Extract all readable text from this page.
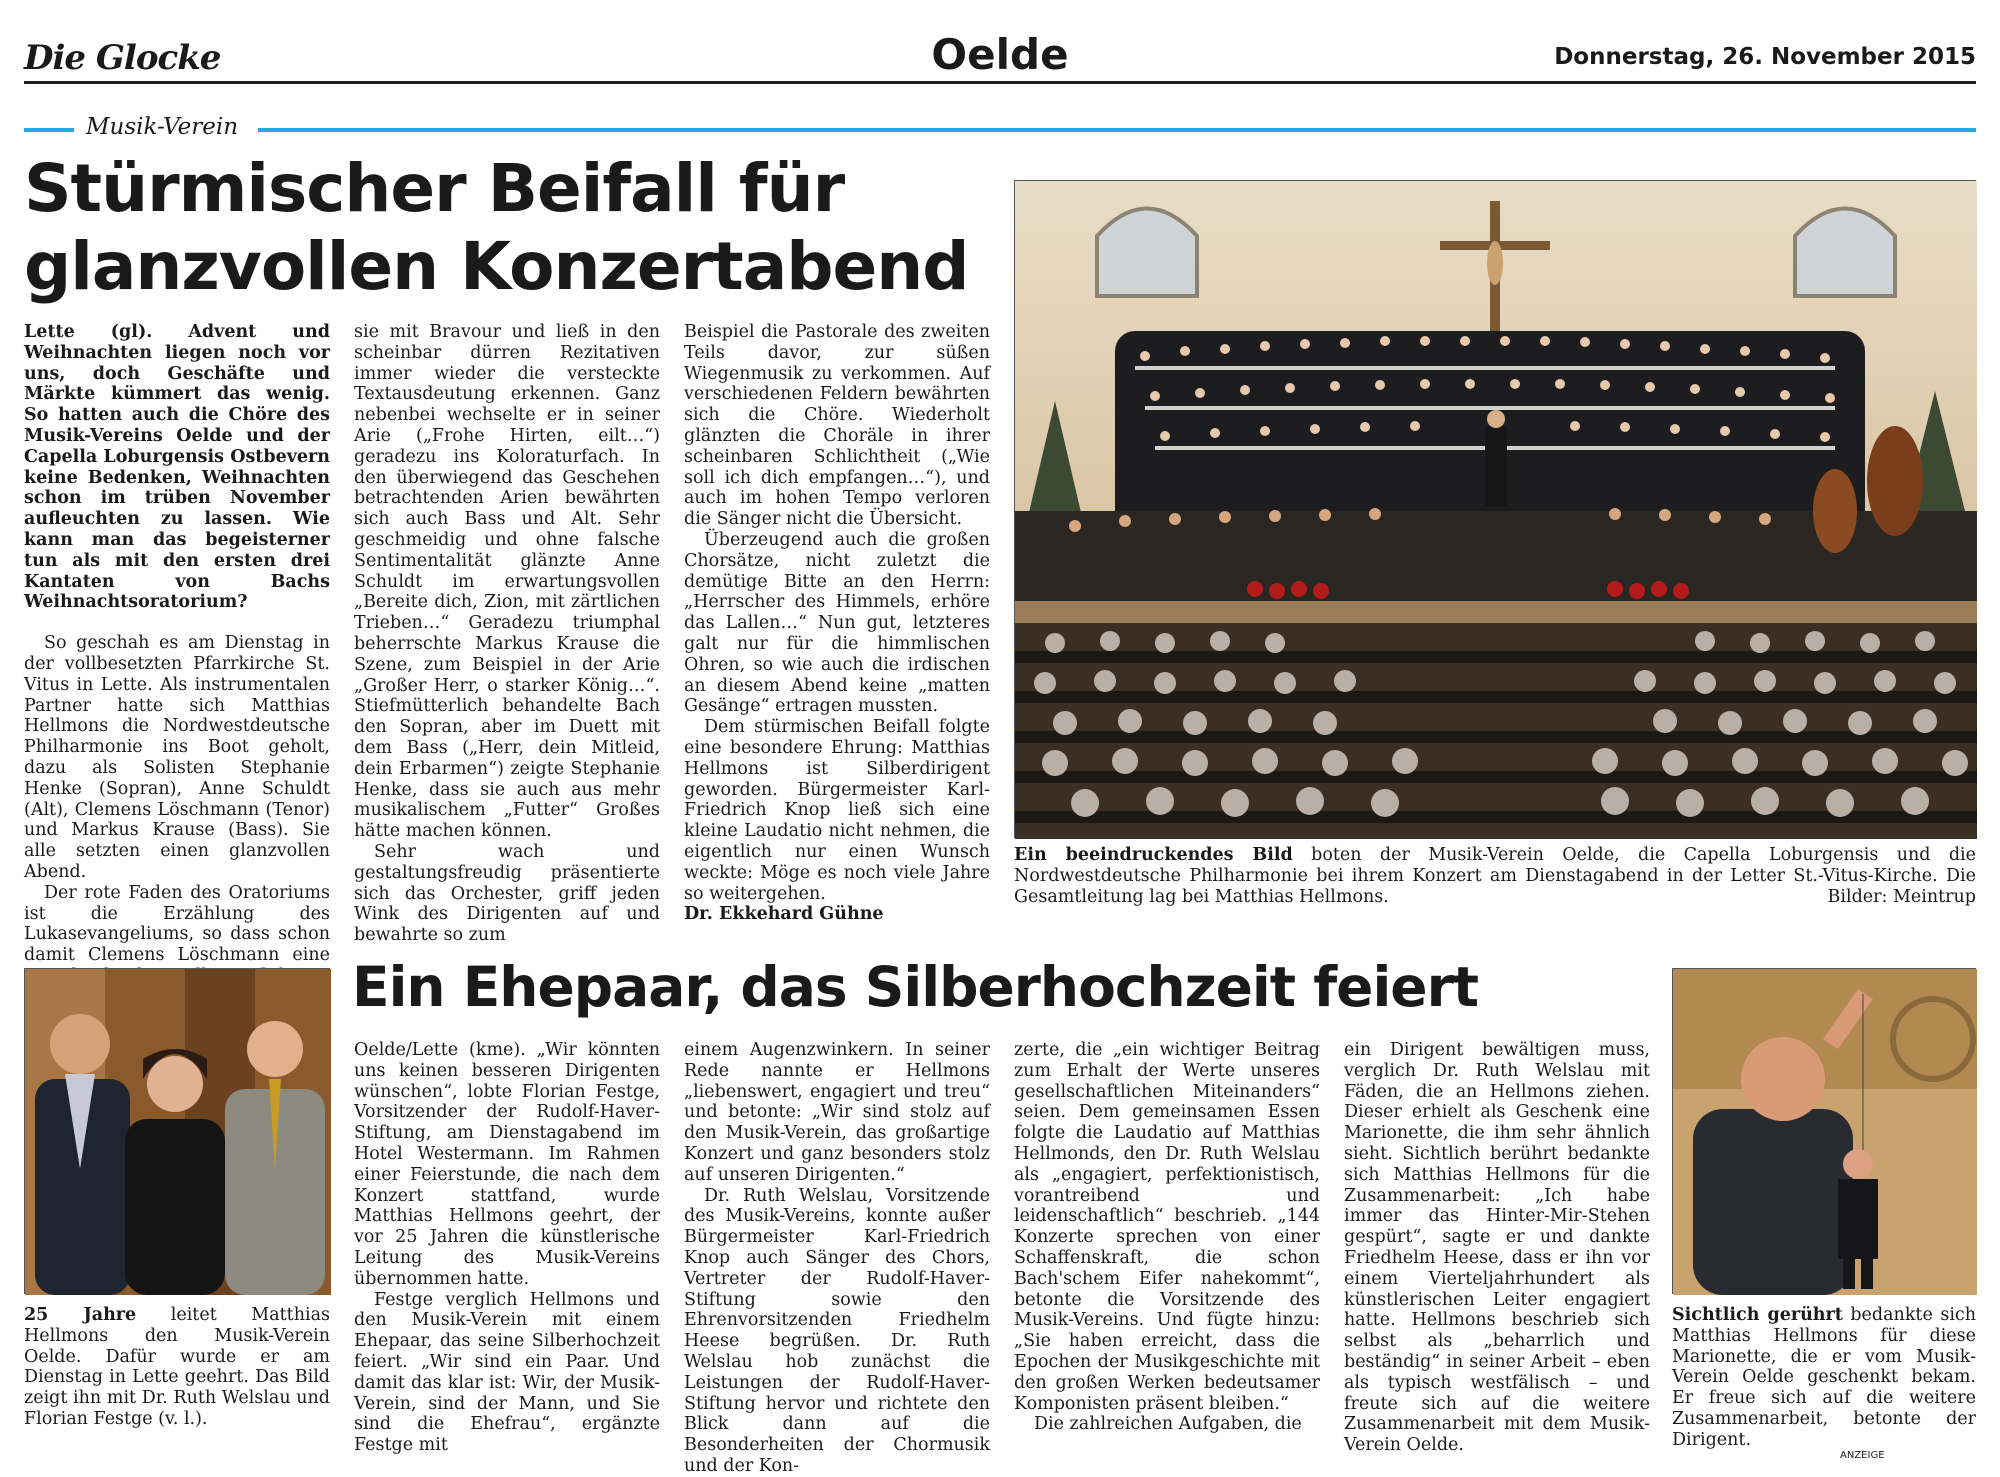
Die Glocke	Oelde	Donnerstag, 26. November 2015
Musik-Verein
Stürmischer Beifall für
glanzvollen Konzertabend

Lette (gl). Advent und Weihnachten liegen noch vor uns, doch Geschäfte und Märkte kümmert das wenig. So hatten auch die Chöre des Musik-Vereins Oelde und der Capella Loburgensis Ostbevern keine Bedenken, Weihnachten schon im trüben November aufleuchten zu lassen. Wie kann man das begeisterner tun als mit den ersten drei Kantaten von Bachs Weihnachtsoratorium?

So geschah es am Dienstag in der vollbesetzten Pfarrkirche St. Vitus in Lette. Als instrumentalen Partner hatte sich Matthias Hellmons die Nordwestdeutsche Philharmonie ins Boot geholt, dazu als Solisten Stephanie Henke (Sopran), Anne Schuldt (Alt), Clemens Löschmann (Tenor) und Markus Krause (Bass). Sie alle setzten einen glanzvollen Abend.

Der rote Faden des Oratoriums ist die Erzählung des Lukasevangeliums, so dass schon damit Clemens Löschmann eine

sie mit Bravour und ließ in den scheinbar dürren Rezitativen immer wieder die versteckte Textausdeutung erkennen. Ganz nebenbei wechselte er in seiner Arie („Frohe Hirten, eilt…“) geradezu ins Koloraturfach. In den überwiegend das Geschehen betrachtenden Arien bewährten sich auch Bass und Alt. Sehr geschmeidig und ohne falsche Sentimentalität glänzte Anne Schuldt im erwartungsvollen „Bereite dich, Zion, mit zärtlichen Trieben…“ Geradezu triumphal beherrschte Markus Krause die Szene, zum Beispiel in der Arie „Großer Herr, o starker König…“. Stiefmütterlich behandelte Bach den Sopran, aber im Duett mit dem Bass („Herr, dein Mitleid, dein Erbarmen“) zeigte Stephanie Henke, dass sie auch aus mehr musikalischem „Futter“ Großes hätte machen können.

Sehr wach und gestaltungsfreudig präsentierte sich das Orchester, griff jeden Wink des Dirigenten auf und bewahrte so zum

Beispiel die Pastorale des zweiten Teils davor, zur süßen Wiegenmusik zu verkommen. Auf verschiedenen Feldern bewährten sich die Chöre. Wiederholt glänzten die Choräle in ihrer scheinbaren Schlichtheit („Wie soll ich dich empfangen…“), und auch im hohen Tempo verloren die Sänger nicht die Übersicht.

Überzeugend auch die großen Chorsätze, nicht zuletzt die demütige Bitte an den Herrn: „Herrscher des Himmels, erhöre das Lallen…“ Nun gut, letzteres galt nur für die himmlischen Ohren, so wie auch die irdischen an diesem Abend keine „matten Gesänge“ ertragen mussten.

Dem stürmischen Beifall folgte eine besondere Ehrung: Matthias Hellmons ist Silberdirigent geworden. Bürgermeister Karl-Friedrich Knop ließ sich eine kleine Laudatio nicht nehmen, die eigentlich nur einen Wunsch weckte: Möge es noch viele Jahre so weitergehen.

Dr. Ekkehard Gühne

Ein beeindruckendes Bild boten der Musik-Verein Oelde, die Capella Loburgensis und die Nordwestdeutsche Philharmonie bei ihrem Konzert am Dienstagabend in der Letter St.-Vitus-Kirche. Die Gesamtleitung lag bei Matthias Hellmons.	Bilder: Meintrup
Ein Ehepaar, das Silberhochzeit feiert
25 Jahre leitet Matthias Hellmons den Musik-Verein Oelde. Dafür wurde er am Dienstag in Lette geehrt. Das Bild zeigt ihn mit Dr. Ruth Welslau und Florian Festge (v. l.).

Oelde/Lette (kme). „Wir könnten uns keinen besseren Dirigenten wünschen“, lobte Florian Festge, Vorsitzender der Rudolf-Haver-Stiftung, am Dienstagabend im Hotel Westermann. Im Rahmen einer Feierstunde, die nach dem Konzert stattfand, wurde Matthias Hellmons geehrt, der vor 25 Jahren die künstlerische Leitung des Musik-Vereins übernommen hatte.

Festge verglich Hellmons und den Musik-Verein mit einem Ehepaar, das seine Silberhochzeit feiert. „Wir sind ein Paar. Und damit das klar ist: Wir, der Musik-Verein, sind der Mann, und Sie sind die Ehefrau“, ergänzte Festge mit

einem Augenzwinkern. In seiner Rede nannte er Hellmons „liebenswert, engagiert und treu“ und betonte: „Wir sind stolz auf den Musik-Verein, das großartige Konzert und ganz besonders stolz auf unseren Dirigenten.“

Dr. Ruth Welslau, Vorsitzende des Musik-Vereins, konnte außer Bürgermeister Karl-Friedrich Knop auch Sänger des Chors, Vertreter der Rudolf-Haver-Stiftung sowie den Ehrenvorsitzenden Friedhelm Heese begrüßen. Dr. Ruth Welslau hob zunächst die Leistungen der Rudolf-Haver-Stiftung hervor und richtete den Blick dann auf die Besonderheiten der Chormusik und der Kon-

zerte, die „ein wichtiger Beitrag zum Erhalt der Werte unseres gesellschaftlichen Miteinanders“ seien. Dem gemeinsamen Essen folgte die Laudatio auf Matthias Hellmonds, den Dr. Ruth Welslau als „engagiert, perfektionistisch, vorantreibend und leidenschaftlich“ beschrieb. „144 Konzerte sprechen von einer Schaffenskraft, die schon Bach'schem Eifer nahekommt“, betonte die Vorsitzende des Musik-Vereins. Und fügte hinzu: „Sie haben erreicht, dass die Epochen der Musikgeschichte mit den großen Werken bedeutsamer Komponisten präsent bleiben.“

Die zahlreichen Aufgaben, die

ein Dirigent bewältigen muss, verglich Dr. Ruth Welslau mit Fäden, die an Hellmons ziehen. Dieser erhielt als Geschenk eine Marionette, die ihm sehr ähnlich sieht. Sichtlich berührt bedankte sich Matthias Hellmons für die Zusammenarbeit: „Ich habe immer das Hinter-Mir-Stehen gespürt“, sagte er und dankte Friedhelm Heese, dass er ihn vor einem Vierteljahrhundert als künstlerischen Leiter engagiert hatte. Hellmons beschrieb sich selbst als „beharrlich und beständig“ in seiner Arbeit – eben als typisch westfälisch – und freute sich auf die weitere Zusammenarbeit mit dem Musik-Verein Oelde.

Sichtlich gerührt bedankte sich Matthias Hellmons für diese Marionette, die er vom Musik-Verein Oelde geschenkt bekam. Er freue sich auf die weitere Zusammenarbeit, betonte der Dirigent.
ANZEIGE
